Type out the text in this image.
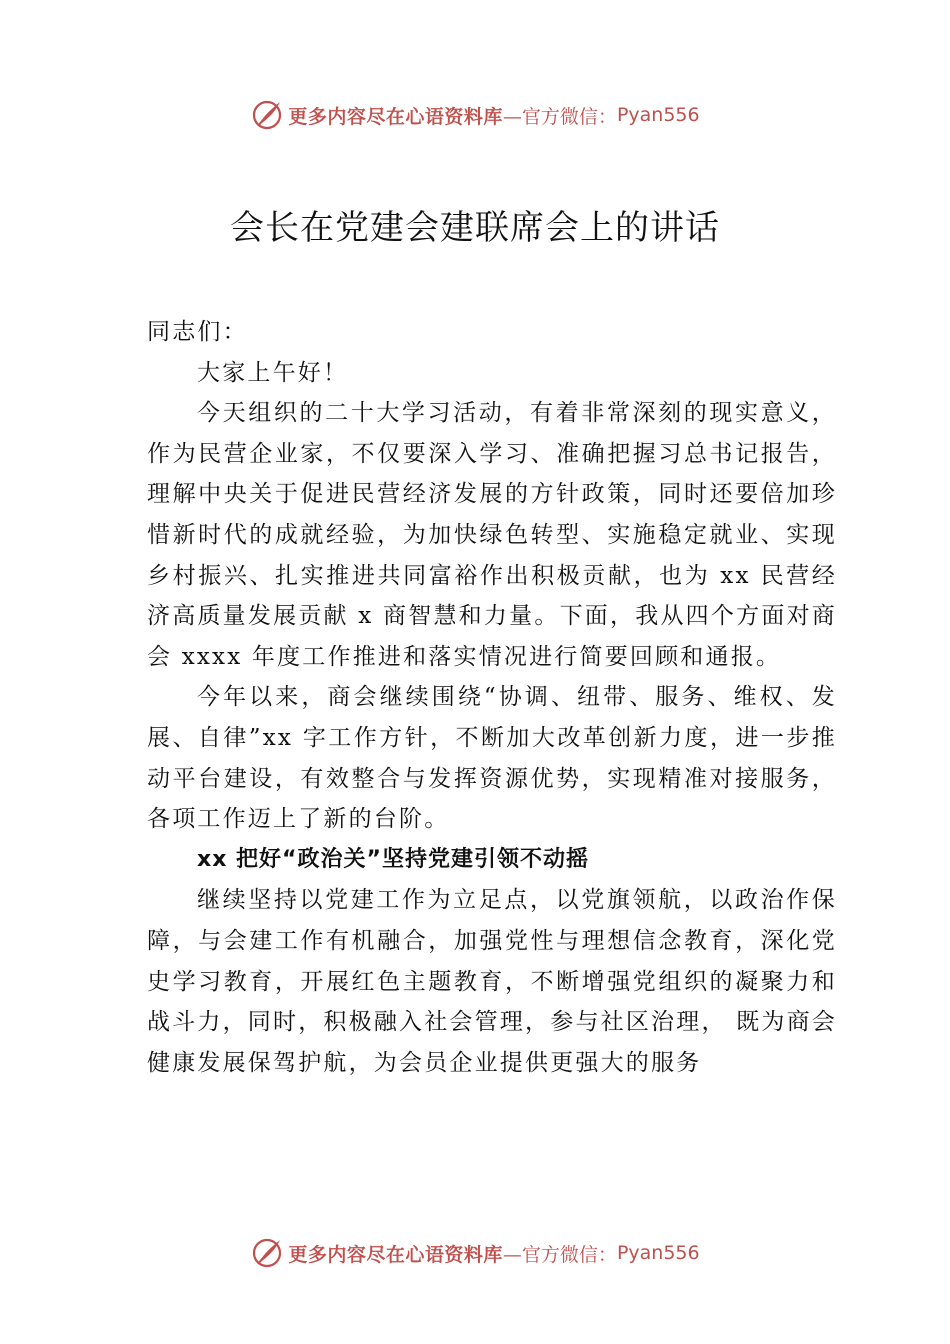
更多内容尽在心语资料库 —官方微信： Pyan556
会长在党建会建联席会上的讲话

同志们：

大家上午好！

今天组织的二十大学习活动，有着非常深刻的现实意义，作为民营企业家，不仅要深入学习、准确把握习总书记报告，理解中央关于促进民营经济发展的方针政策，同时还要倍加珍惜新时代的成就经验，为加快绿色转型、实施稳定就业、实现乡村振兴、扎实推进共同富裕作出积极贡献，也为 xx 民营经济高质量发展贡献 x 商智慧和力量。下面，我从四个方面对商会 xxxx 年度工作推进和落实情况进行简要回顾和通报。

今年以来，商会继续围绕“协调、纽带、服务、维权、发展、自律”xx 字工作方针，不断加大改革创新力度，进一步推动平台建设，有效整合与发挥资源优势，实现精准对接服务，各项工作迈上了新的台阶。

xx 把好“政治关”坚持党建引领不动摇

继续坚持以党建工作为立足点，以党旗领航，以政治作保障，与会建工作有机融合，加强党性与理想信念教育，深化党史学习教育，开展红色主题教育，不断增强党组织的凝聚力和战斗力，同时，积极融入社会管理，参与社区治理， 既为商会健康发展保驾护航，为会员企业提供更强大的服务

更多内容尽在心语资料库 —官方微信： Pyan556
